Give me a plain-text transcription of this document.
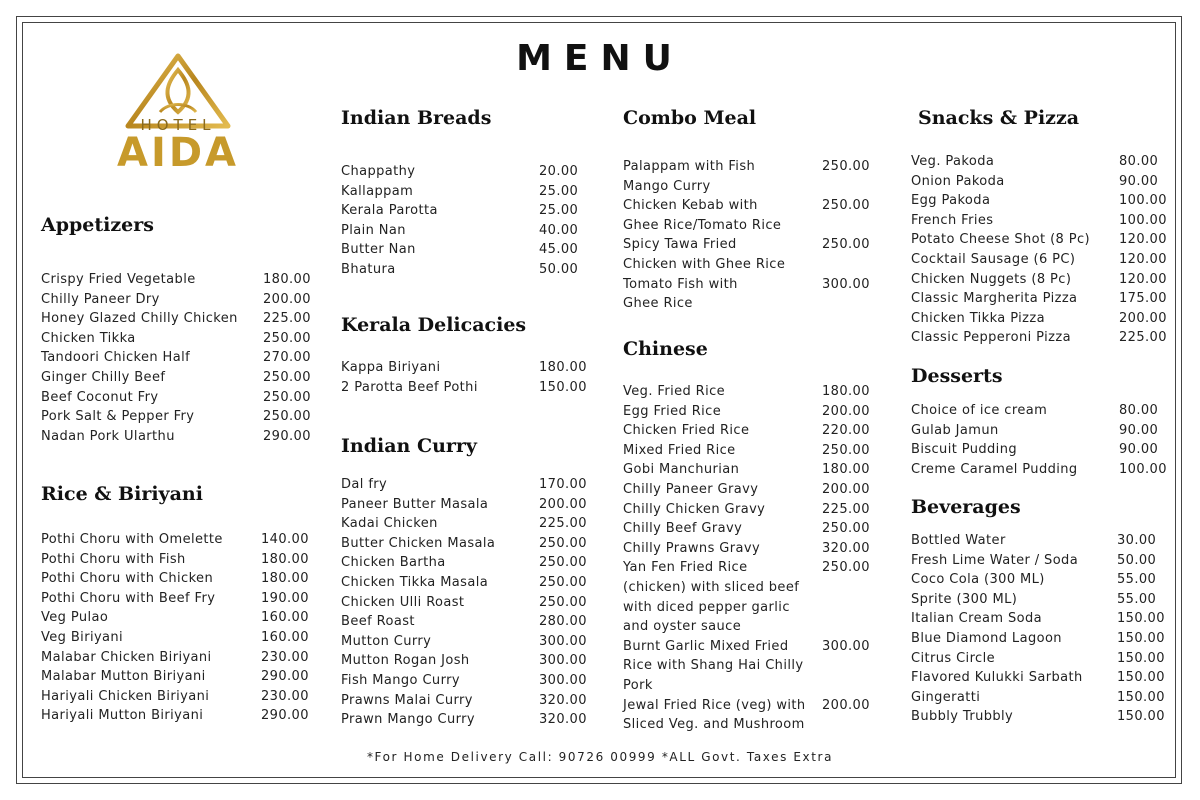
MENU
HOTEL
AIDA
Appetizers
Crispy Fried Vegetable	180.00
Chilly Paneer Dry	200.00
Honey Glazed Chilly Chicken 225.00
Chicken Tikka	250.00
Tandoori Chicken Half	270.00
Ginger Chilly Beef	250.00
Beef Coconut Fry	250.00
Pork Salt & Pepper Fry	250.00
Nadan Pork Ularthu	290.00
Rice & Biriyani
Pothi Choru with Omelette	140.00
Pothi Choru with Fish	180.00
Pothi Choru with Chicken	180.00
Pothi Choru with Beef Fry	190.00
Veg Pulao	160.00
Veg Biriyani	160.00
Malabar Chicken Biriyani	230.00
Malabar Mutton Biriyani	290.00
Hariyali Chicken Biriyani	230.00
Hariyali Mutton Biriyani	290.00
Indian Breads
Chappathy	20.00
Kallappam	25.00
Kerala Parotta	25.00
Plain Nan	40.00
Butter Nan	45.00
Bhatura	50.00
Kerala Delicacies
Kappa Biriyani	180.00
2 Parotta Beef Pothi	150.00
Indian Curry
Dal fry	170.00
Paneer Butter Masala	200.00
Kadai Chicken	225.00
Butter Chicken Masala	250.00
Chicken Bartha	250.00
Chicken Tikka Masala	250.00
Chicken Ulli Roast	250.00
Beef Roast	280.00
Mutton Curry	300.00
Mutton Rogan Josh	300.00
Fish Mango Curry	300.00
Prawns Malai Curry	320.00
Prawn Mango Curry	320.00
Combo Meal
Palappam with Fish	250.00
Mango Curry
Chicken Kebab with	250.00
Ghee Rice/Tomato Rice
Spicy Tawa Fried	250.00
Chicken with Ghee Rice
Tomato Fish with	300.00
Ghee Rice
Chinese
Veg. Fried Rice	180.00
Egg Fried Rice	200.00
Chicken Fried Rice	220.00
Mixed Fried Rice	250.00
Gobi Manchurian	180.00
Chilly Paneer Gravy	200.00
Chilly Chicken Gravy	225.00
Chilly Beef Gravy	250.00
Chilly Prawns Gravy	320.00
Yan Fen Fried Rice	250.00
(chicken) with sliced beef
with diced pepper garlic
and oyster sauce
Burnt Garlic Mixed Fried	300.00
Rice with Shang Hai Chilly
Pork
Jewal Fried Rice (veg) with 200.00
Sliced Veg. and Mushroom
Snacks & Pizza
Veg. Pakoda	80.00
Onion Pakoda	90.00
Egg Pakoda	100.00
French Fries	100.00
Potato Cheese Shot (8 Pc) 120.00
Cocktail Sausage (6 PC)	120.00
Chicken Nuggets (8 Pc)	120.00
Classic Margherita Pizza	175.00
Chicken Tikka Pizza	200.00
Classic Pepperoni Pizza	225.00
Desserts
Choice of ice cream	80.00
Gulab Jamun	90.00
Biscuit Pudding	90.00
Creme Caramel Pudding	100.00
Beverages
Bottled Water	30.00
Fresh Lime Water / Soda	50.00
Coco Cola (300 ML)	55.00
Sprite (300 ML)	55.00
Italian Cream Soda	150.00
Blue Diamond Lagoon	150.00
Citrus Circle	150.00
Flavored Kulukki Sarbath	150.00
Gingeratti	150.00
Bubbly Trubbly	150.00
*For Home Delivery Call: 90726 00999 *ALL Govt. Taxes Extra
